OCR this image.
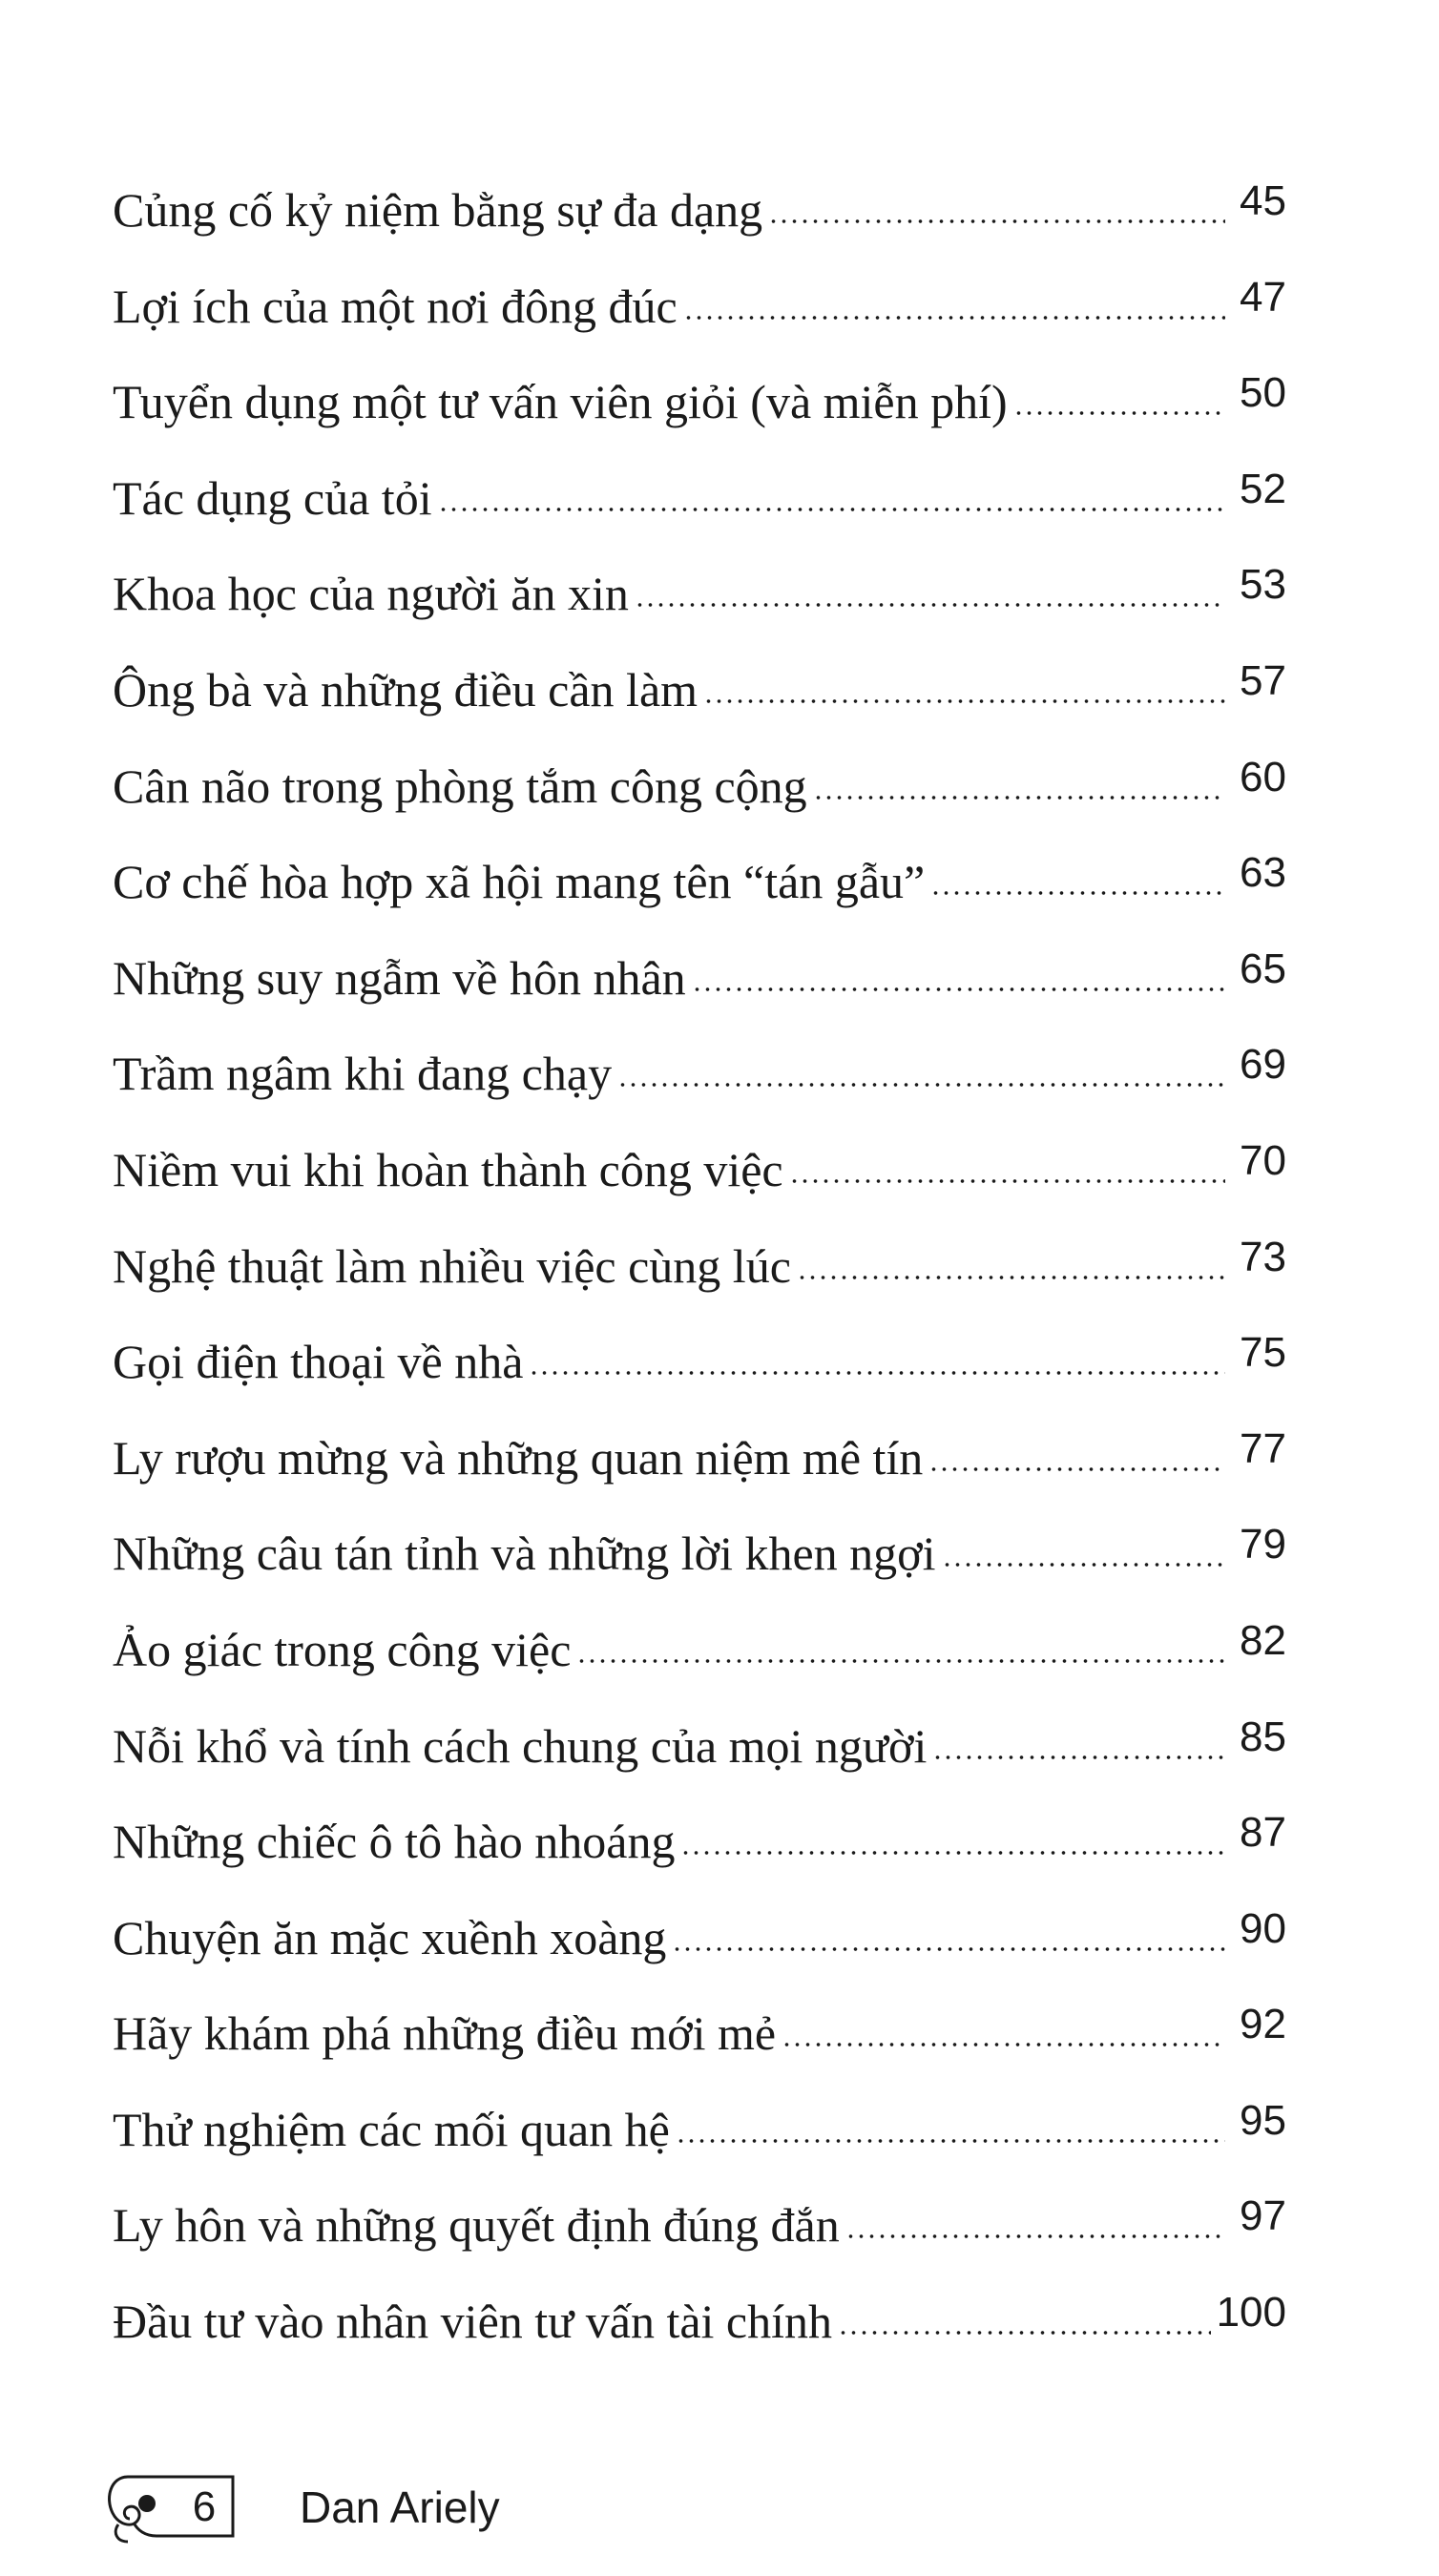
Củng cố kỷ niệm bằng sự đa dạng	45
Lợi ích của một nơi đông đúc	47
Tuyển dụng một tư vấn viên giỏi (và miễn phí)	50
Tác dụng của tỏi	52
Khoa học của người ăn xin	53
Ông bà và những điều cần làm	57
Cân não trong phòng tắm công cộng	60
Cơ chế hòa hợp xã hội mang tên “tán gẫu”	63
Những suy ngẫm về hôn nhân	65
Trầm ngâm khi đang chạy	69
Niềm vui khi hoàn thành công việc	70
Nghệ thuật làm nhiều việc cùng lúc	73
Gọi điện thoại về nhà	75
Ly rượu mừng và những quan niệm mê tín	77
Những câu tán tỉnh và những lời khen ngợi	79
Ảo giác trong công việc	82
Nỗi khổ và tính cách chung của mọi người	85
Những chiếc ô tô hào nhoáng	87
Chuyện ăn mặc xuềnh xoàng	90
Hãy khám phá những điều mới mẻ	92
Thử nghiệm các mối quan hệ	95
Ly hôn và những quyết định đúng đắn	97
Đầu tư vào nhân viên tư vấn tài chính	100
6 Dan Ariely
